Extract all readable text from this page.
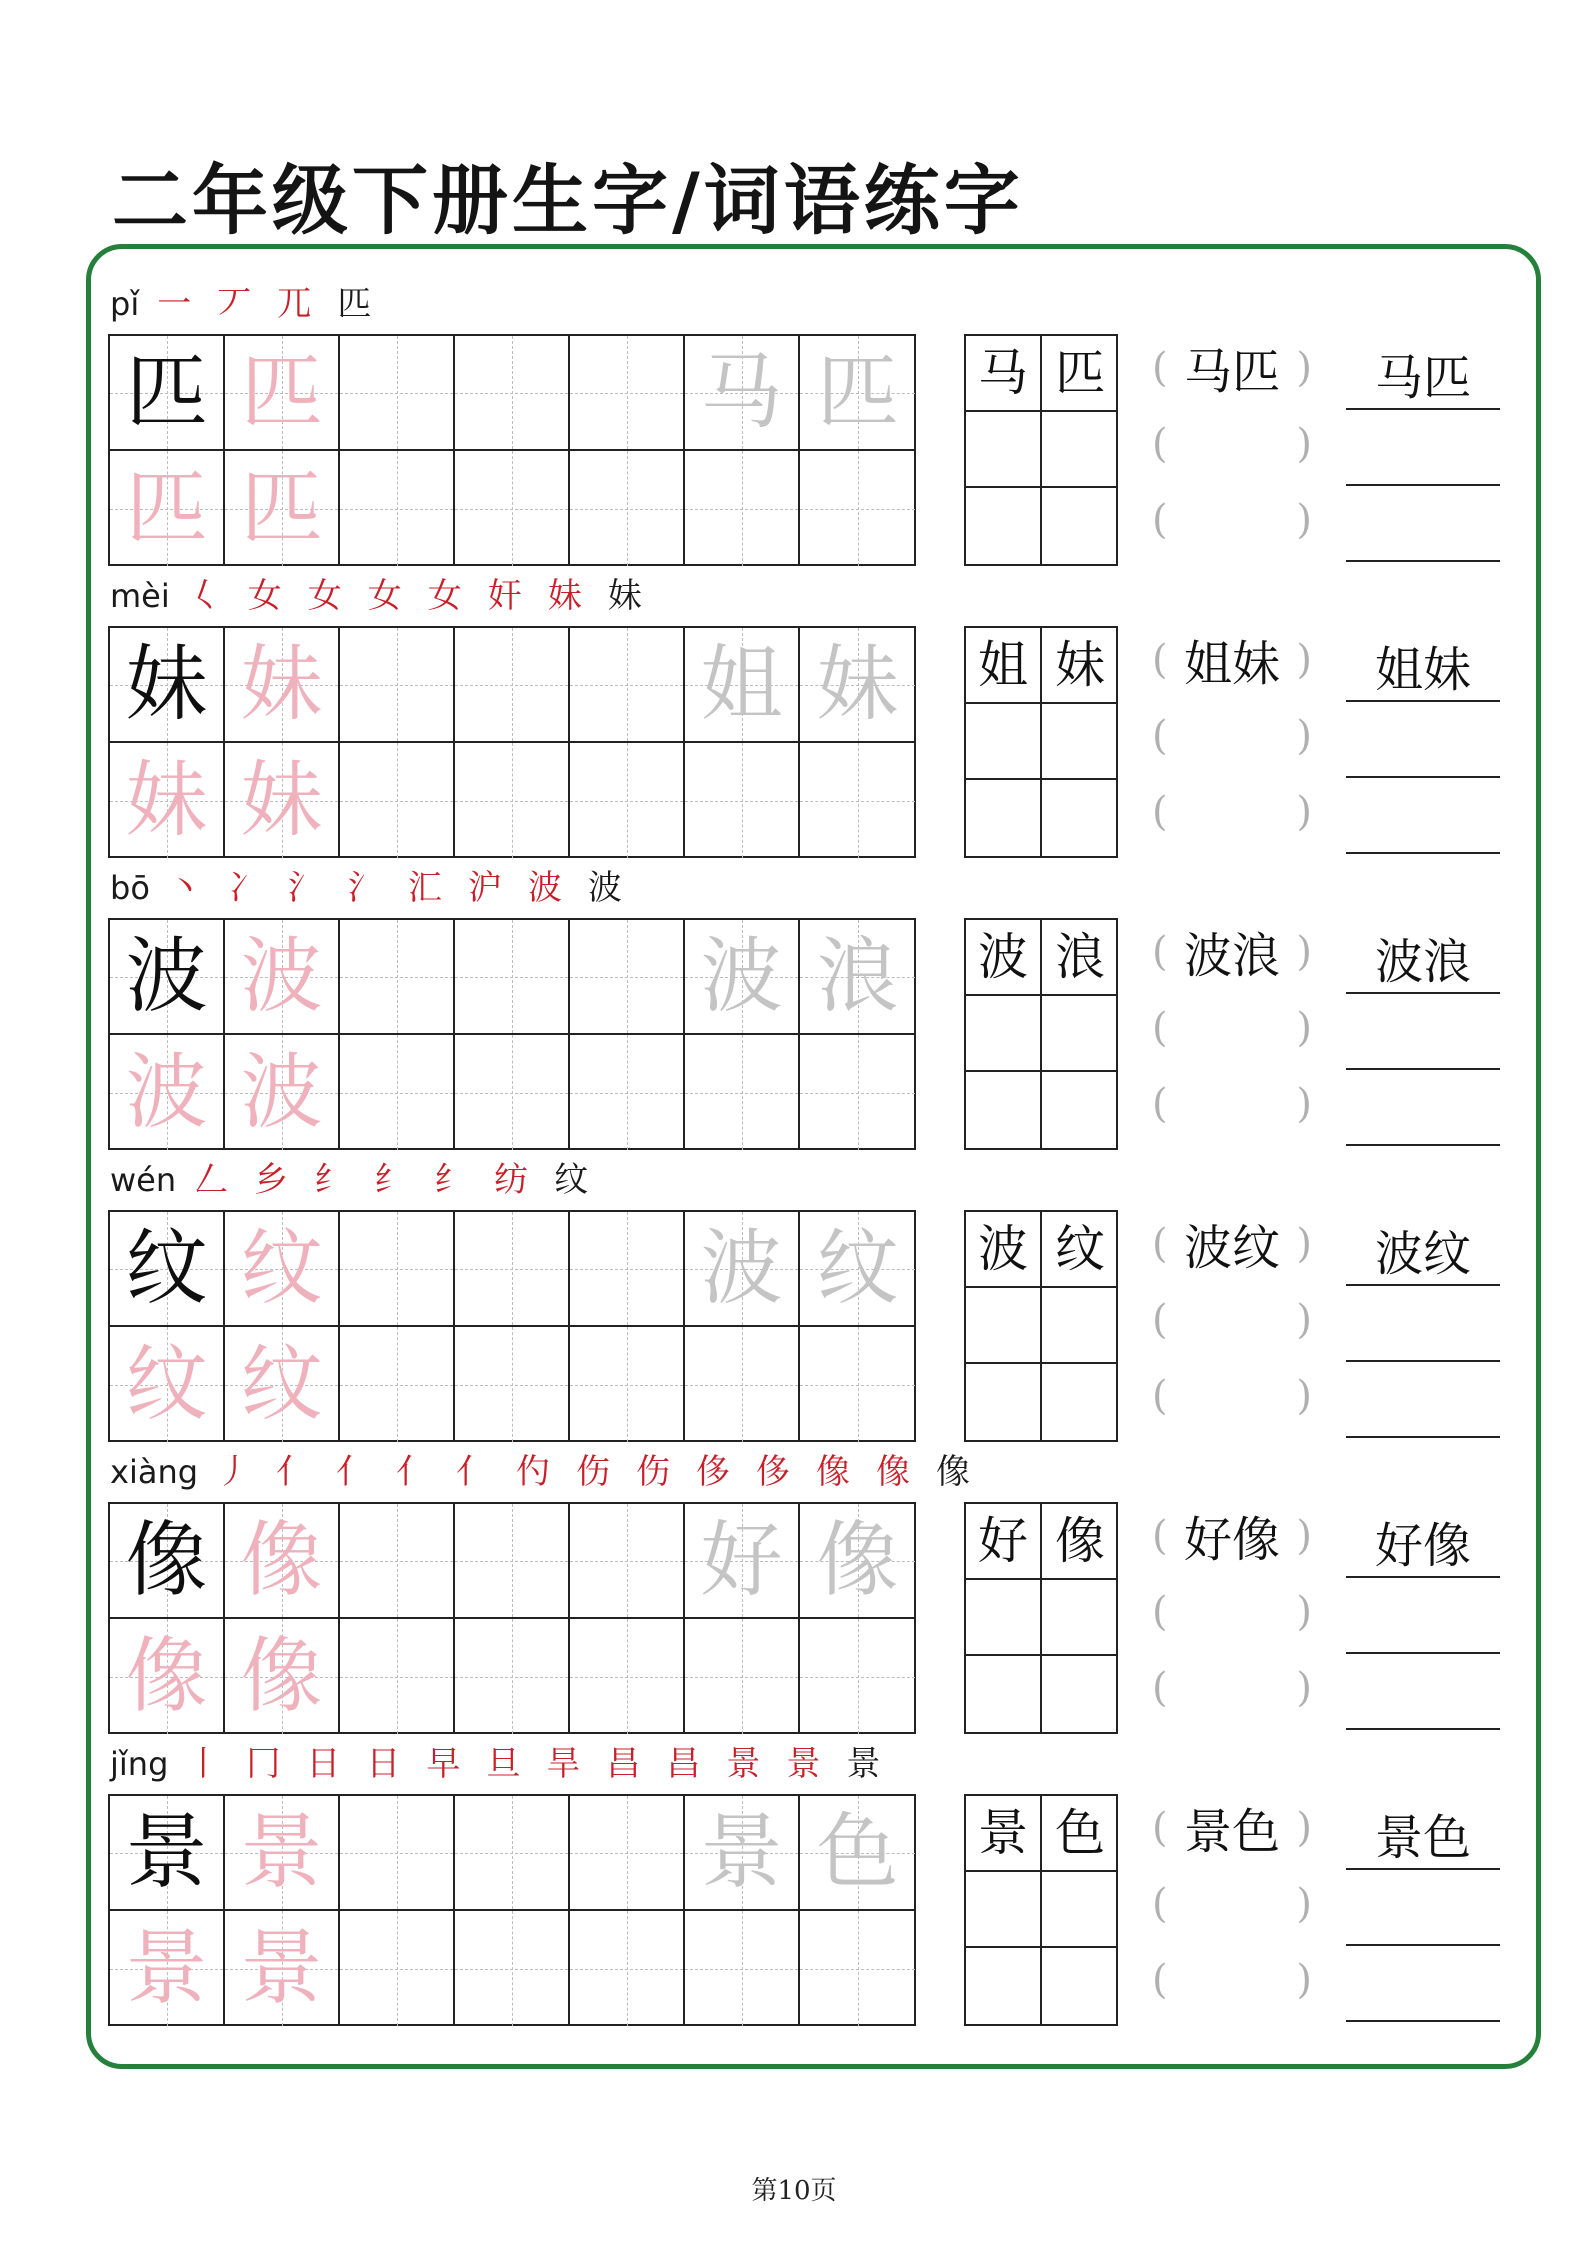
二年级下册生字/词语练字
pǐ 一 丆 兀 匹
匹 匹	马 匹
匹 匹
马 匹	(	)
马匹
(	)
(	)
马匹
mèi 𡿨 女 女 女 女 奸 妹 妹
妹 妹	姐 妹
妹 妹
姐 妹	(	)
姐妹
(	)
(	)
姐妹
bō 丶 冫 氵 氵 汇 沪 波 波
波 波	波 浪
波 波
波 浪	(	)
波浪
(	)
(	)
波浪
wén 𠃋 乡 纟 纟 纟 纺 纹
纹 纹	波 纹
纹 纹
波 纹	(	)
波纹
(	)
(	)
波纹
xiàng 丿 亻 亻 亻 亻 仢 伤 伤 侈 侈 像 像 像
像 像	好 像
像 像
好 像	(	)
好像
(	)
(	)
好像
jǐng 丨 冂 日 日 早 旦 旱 昌 昌 景 景 景
景 景	景 色
景 景
景 色	(	)
景色
(	)
(	)
景色
第10页
